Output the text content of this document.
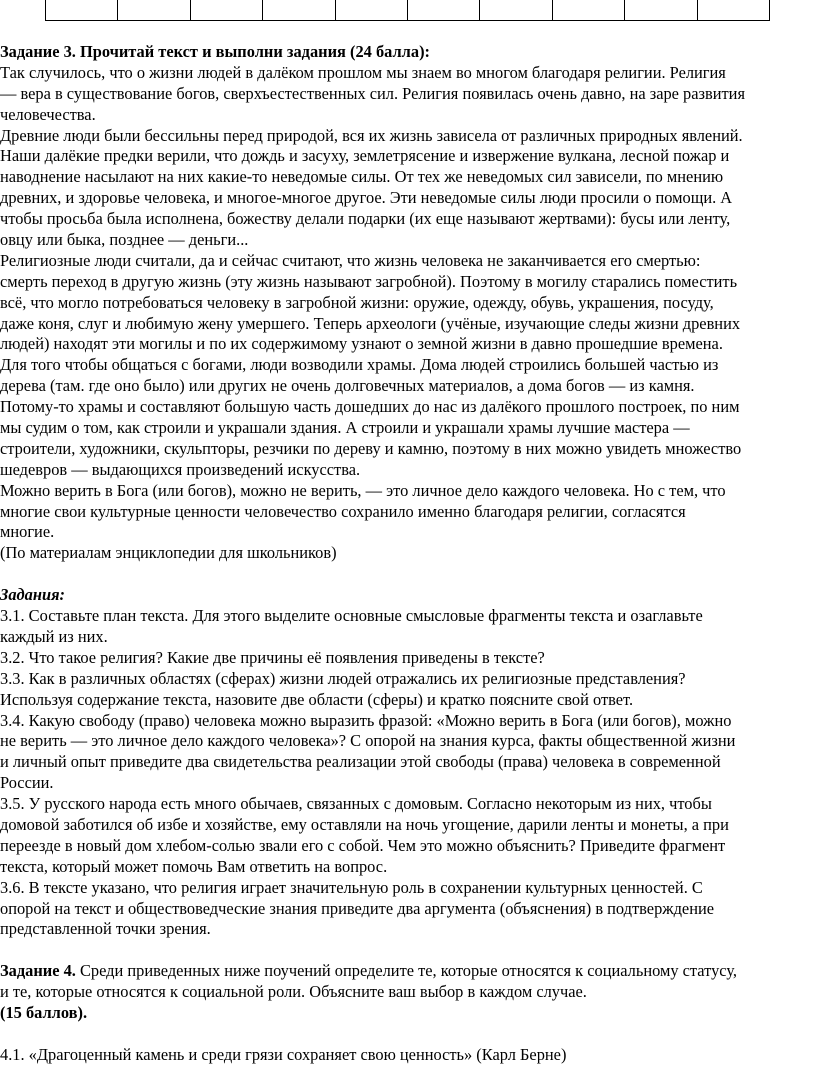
Задание 3. Прочитай текст и выполни задания (24 балла):
Так случилось, что о жизни людей в далёком прошлом мы знаем во многом благодаря религии. Религия
— вера в существование богов, сверхъестественных сил. Религия появилась очень давно, на заре развития
человечества.
Древние люди были бессильны перед природой, вся их жизнь зависела от различных природных явлений.
Наши далёкие предки верили, что дождь и засуху, землетрясение и извержение вулкана, лесной пожар и
наводнение насылают на них какие-то неведомые силы. От тех же неведомых сил зависели, по мнению
древних, и здоровье человека, и многое-многое другое. Эти неведомые силы люди просили о помощи. А
чтобы просьба была исполнена, божеству делали подарки (их еще называют жертвами): бусы или ленту,
овцу или быка, позднее — деньги...
Религиозные люди считали, да и сейчас считают, что жизнь человека не заканчивается его смертью:
смерть переход в другую жизнь (эту жизнь называют загробной). Поэтому в могилу старались поместить
всё, что могло потребоваться человеку в загробной жизни: оружие, одежду, обувь, украшения, посуду,
даже коня, слуг и любимую жену умершего. Теперь археологи (учёные, изучающие следы жизни древних
людей) находят эти могилы и по их содержимому узнают о земной жизни в давно прошедшие времена.
Для того чтобы общаться с богами, люди возводили храмы. Дома людей строились большей частью из
дерева (там. где оно было) или других не очень долговечных материалов, а дома богов — из камня.
Потому-то храмы и составляют большую часть дошедших до нас из далёкого прошлого построек, по ним
мы судим о том, как строили и украшали здания. А строили и украшали храмы лучшие мастера —
строители, художники, скульпторы, резчики по дереву и камню, поэтому в них можно увидеть множество
шедевров — выдающихся произведений искусства.
Можно верить в Бога (или богов), можно не верить, — это личное дело каждого человека. Но с тем, что
многие свои культурные ценности человечество сохранило именно благодаря религии, согласятся
многие.
(По материалам энциклопедии для школьников)
Задания:
3.1. Составьте план текста. Для этого выделите основные смысловые фрагменты текста и озаглавьте
каждый из них.
3.2. Что такое религия? Какие две причины её появления приведены в тексте?
3.3. Как в различных областях (сферах) жизни людей отражались их религиозные представления?
Используя содержание текста, назовите две области (сферы) и кратко поясните свой ответ.
3.4. Какую свободу (право) человека можно выразить фразой: «Можно верить в Бога (или богов), можно
не верить — это личное дело каждого человека»? С опорой на знания курса, факты общественной жизни
и личный опыт приведите два свидетельства реализации этой свободы (права) человека в современной
России.
3.5. У русского народа есть много обычаев, связанных с домовым. Согласно некоторым из них, чтобы
домовой заботился об избе и хозяйстве, ему оставляли на ночь угощение, дарили ленты и монеты, а при
переезде в новый дом хлебом-солью звали его с собой. Чем это можно объяснить? Приведите фрагмент
текста, который может помочь Вам ответить на вопрос.
3.6. В тексте указано, что религия играет значительную роль в сохранении культурных ценностей. С
опорой на текст и обществоведческие знания приведите два аргумента (объяснения) в подтверждение
представленной точки зрения.
Задание 4. Среди приведенных ниже поучений определите те, которые относятся к социальному статусу,
и те, которые относятся к социальной роли. Объясните ваш выбор в каждом случае.
(15 баллов).
4.1. «Драгоценный камень и среди грязи сохраняет свою ценность» (Карл Берне)
